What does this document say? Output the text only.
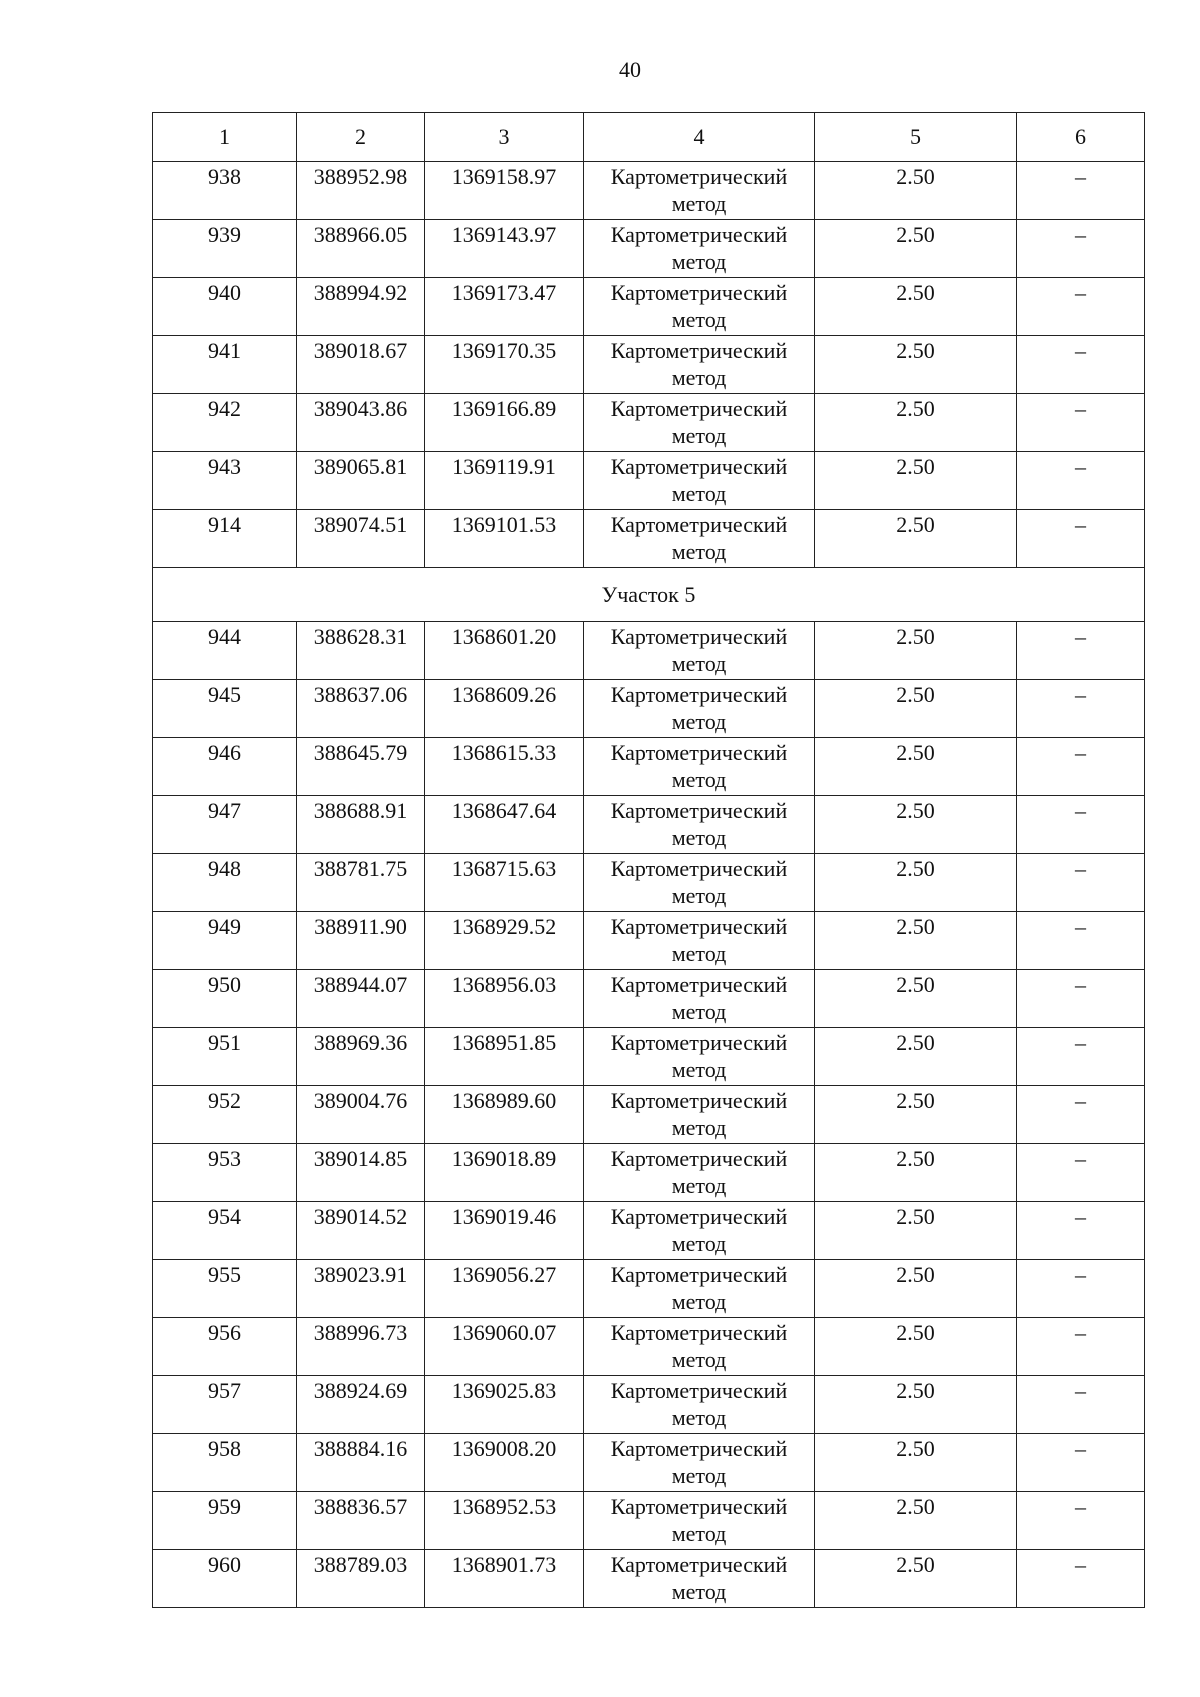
40
1	2	3	4	5	6
938	388952.98	1369158.97	Картометрический метод	2.50	–
939	388966.05	1369143.97	Картометрический метод	2.50	–
940	388994.92	1369173.47	Картометрический метод	2.50	–
941	389018.67	1369170.35	Картометрический метод	2.50	–
942	389043.86	1369166.89	Картометрический метод	2.50	–
943	389065.81	1369119.91	Картометрический метод	2.50	–
914	389074.51	1369101.53	Картометрический метод	2.50	–
Участок 5					
944	388628.31	1368601.20	Картометрический метод	2.50	–
945	388637.06	1368609.26	Картометрический метод	2.50	–
946	388645.79	1368615.33	Картометрический метод	2.50	–
947	388688.91	1368647.64	Картометрический метод	2.50	–
948	388781.75	1368715.63	Картометрический метод	2.50	–
949	388911.90	1368929.52	Картометрический метод	2.50	–
950	388944.07	1368956.03	Картометрический метод	2.50	–
951	388969.36	1368951.85	Картометрический метод	2.50	–
952	389004.76	1368989.60	Картометрический метод	2.50	–
953	389014.85	1369018.89	Картометрический метод	2.50	–
954	389014.52	1369019.46	Картометрический метод	2.50	–
955	389023.91	1369056.27	Картометрический метод	2.50	–
956	388996.73	1369060.07	Картометрический метод	2.50	–
957	388924.69	1369025.83	Картометрический метод	2.50	–
958	388884.16	1369008.20	Картометрический метод	2.50	–
959	388836.57	1368952.53	Картометрический метод	2.50	–
960	388789.03	1368901.73	Картометрический метод	2.50	–
